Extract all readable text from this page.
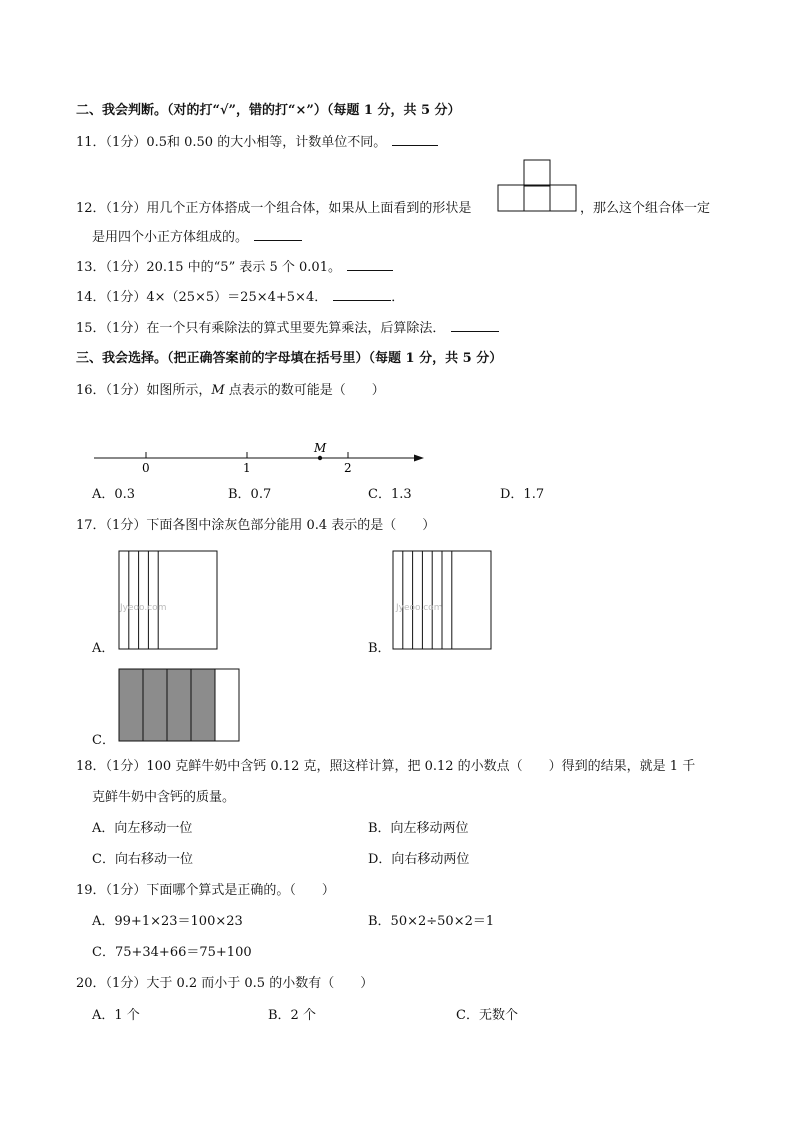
二、我会判断。（对的打“√”，错的打“×”）（每题 1 分，共 5 分）
11．（1分）0.5和 0.50 的大小相等，计数单位不同。
12．（1分）用几个正方体搭成一个组合体，如果从上面看到的形状是	，那么这个组合体一定
是用四个小正方体组成的。
13．（1分）20.15 中的“5” 表示 5 个 0.01。
14．（1分）4×（25×5）＝25×4+5×4．	．
15．（1分）在一个只有乘除法的算式里要先算乘法，后算除法．
三、我会选择。（把正确答案前的字母填在括号里）（每题 1 分，共 5 分）
16．（1分）如图所示，M 点表示的数可能是（　　）
M
0	1	2
A．0.3	B．0.7	C．1.3	D．1.7
17．（1分）下面各图中涂灰色部分能用 0.4 表示的是（　　）
Jyeoo.com
A．
Jyeoo.com
B．
C．
18．（1分）100 克鲜牛奶中含钙 0.12 克，照这样计算，把 0.12 的小数点（　　）得到的结果，就是 1 千
克鲜牛奶中含钙的质量。
A．向左移动一位	B．向左移动两位
C．向右移动一位	D．向右移动两位
19．（1分）下面哪个算式是正确的。（　　）
A．99+1×23＝100×23	B．50×2÷50×2＝1
C．75+34+66＝75+100
20．（1分）大于 0.2 而小于 0.5 的小数有（　　）
A．1 个	B．2 个	C．无数个
